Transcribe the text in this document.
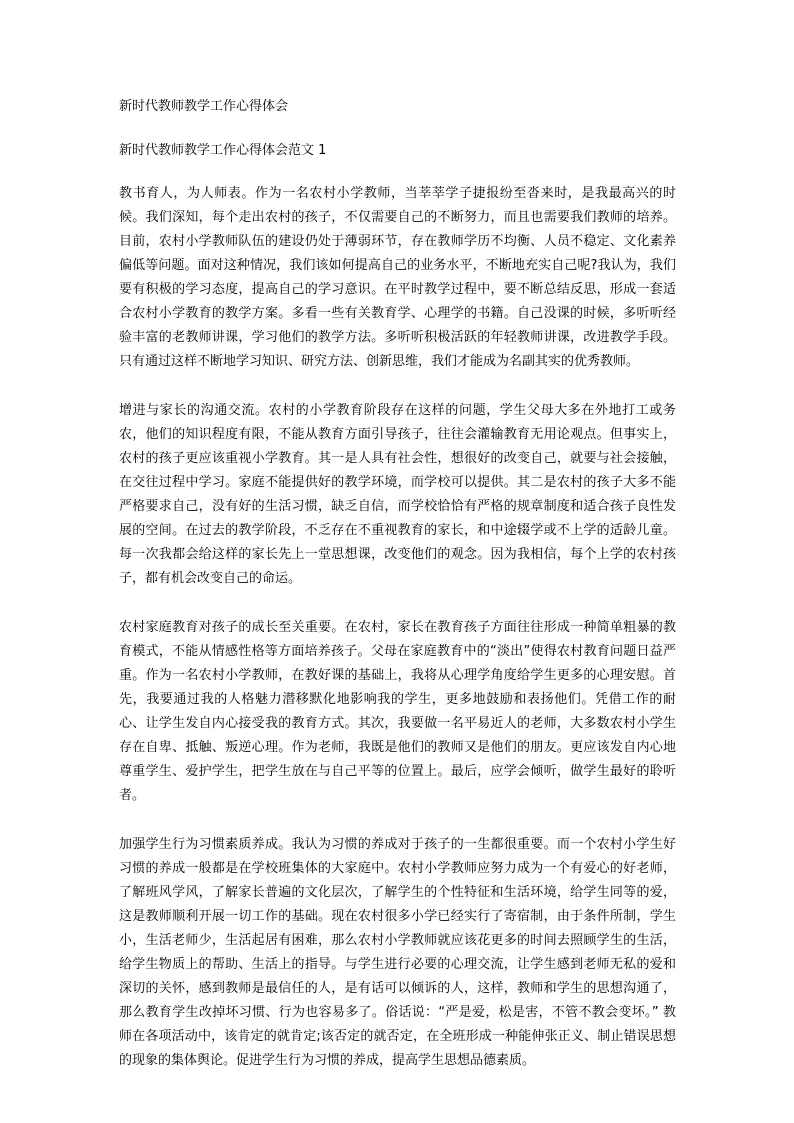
新时代教师教学工作心得体会

新时代教师教学工作心得体会范文 1

教书育人，为人师表。作为一名农村小学教师，当莘莘学子捷报纷至沓来时，是我最高兴的时候。我们深知，每个走出农村的孩子，不仅需要自己的不断努力，而且也需要我们教师的培养。目前，农村小学教师队伍的建设仍处于薄弱环节，存在教师学历不均衡、人员不稳定、文化素养偏低等问题。面对这种情况，我们该如何提高自己的业务水平，不断地充实自己呢?我认为，我们要有积极的学习态度，提高自己的学习意识。在平时教学过程中，要不断总结反思，形成一套适合农村小学教育的教学方案。多看一些有关教育学、心理学的书籍。自己没课的时候，多听听经验丰富的老教师讲课，学习他们的教学方法。多听听积极活跃的年轻教师讲课，改进教学手段。只有通过这样不断地学习知识、研究方法、创新思维，我们才能成为名副其实的优秀教师。

增进与家长的沟通交流。农村的小学教育阶段存在这样的问题，学生父母大多在外地打工或务农，他们的知识程度有限，不能从教育方面引导孩子，往往会灌输教育无用论观点。但事实上，农村的孩子更应该重视小学教育。其一是人具有社会性，想很好的改变自己，就要与社会接触，在交往过程中学习。家庭不能提供好的教学环境，而学校可以提供。其二是农村的孩子大多不能严格要求自己，没有好的生活习惯，缺乏自信，而学校恰恰有严格的规章制度和适合孩子良性发展的空间。在过去的教学阶段，不乏存在不重视教育的家长，和中途辍学或不上学的适龄儿童。每一次我都会给这样的家长先上一堂思想课，改变他们的观念。因为我相信，每个上学的农村孩子，都有机会改变自己的命运。

农村家庭教育对孩子的成长至关重要。在农村，家长在教育孩子方面往往形成一种简单粗暴的教育模式，不能从情感性格等方面培养孩子。父母在家庭教育中的“淡出”使得农村教育问题日益严重。作为一名农村小学教师，在教好课的基础上，我将从心理学角度给学生更多的心理安慰。首先，我要通过我的人格魅力潜移默化地影响我的学生，更多地鼓励和表扬他们。凭借工作的耐心、让学生发自内心接受我的教育方式。其次，我要做一名平易近人的老师，大多数农村小学生存在自卑、抵触、叛逆心理。作为老师，我既是他们的教师又是他们的朋友。更应该发自内心地尊重学生、爱护学生，把学生放在与自己平等的位置上。最后，应学会倾听，做学生最好的聆听者。

加强学生行为习惯素质养成。我认为习惯的养成对于孩子的一生都很重要。而一个农村小学生好习惯的养成一般都是在学校班集体的大家庭中。农村小学教师应努力成为一个有爱心的好老师，了解班风学风，了解家长普遍的文化层次，了解学生的个性特征和生活环境，给学生同等的爱，这是教师顺利开展一切工作的基础。现在农村很多小学已经实行了寄宿制，由于条件所制，学生小，生活老师少，生活起居有困难，那么农村小学教师就应该花更多的时间去照顾学生的生活，给学生物质上的帮助、生活上的指导。与学生进行必要的心理交流，让学生感到老师无私的爱和深切的关怀，感到教师是最信任的人，是有话可以倾诉的人，这样，教师和学生的思想沟通了，那么教育学生改掉坏习惯、行为也容易多了。俗话说：“严是爱，松是害，不管不教会变坏。” 教师在各项活动中，该肯定的就肯定;该否定的就否定，在全班形成一种能伸张正义、制止错误思想的现象的集体舆论。促进学生行为习惯的养成，提高学生思想品德素质。
